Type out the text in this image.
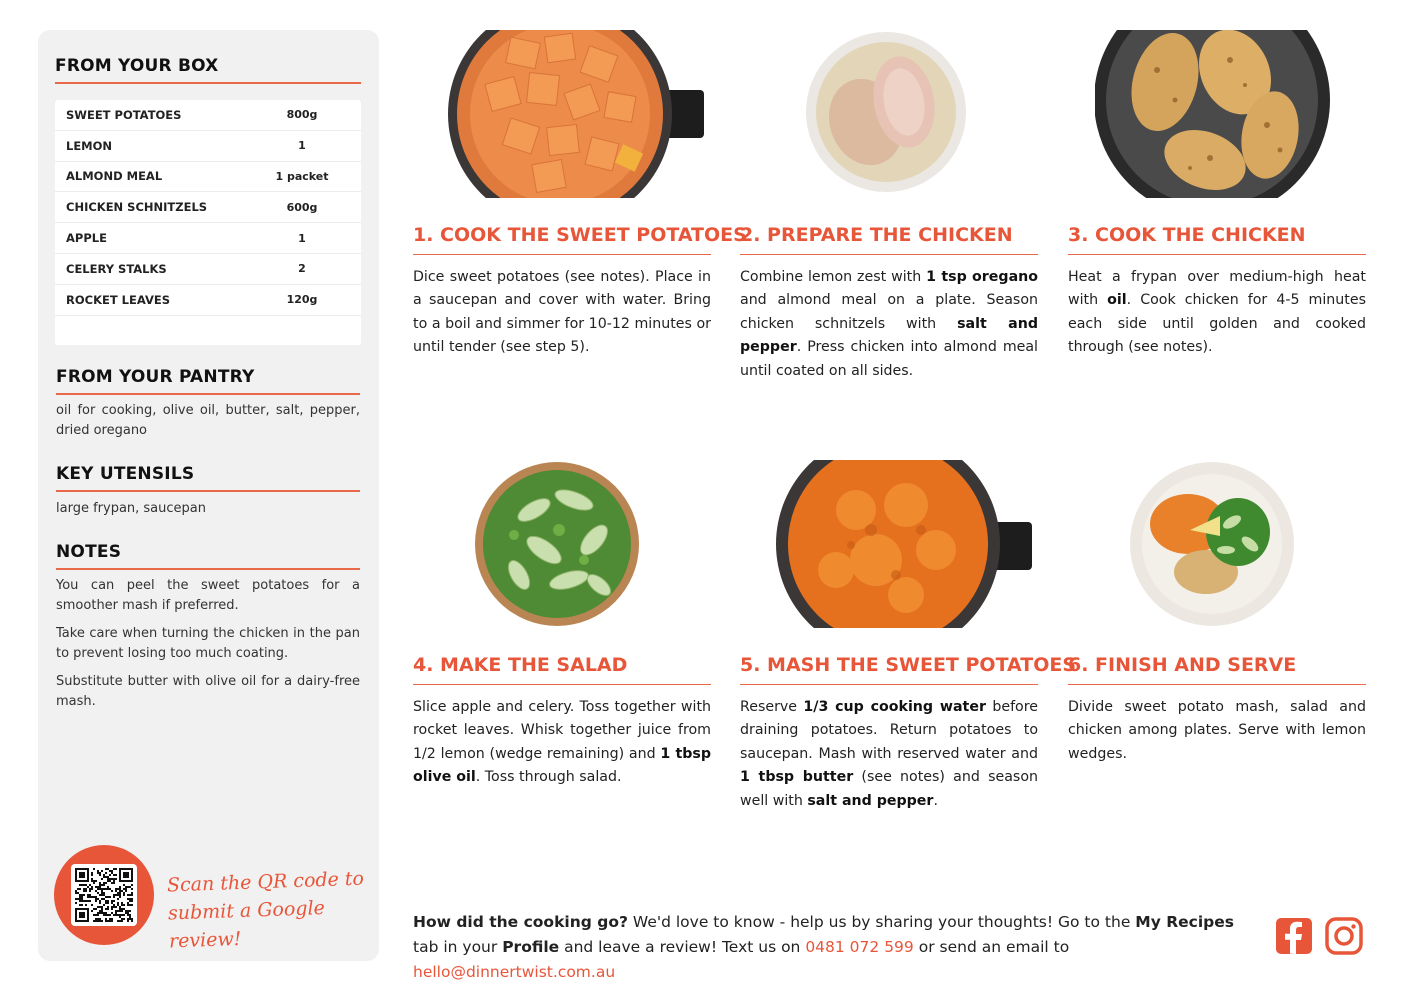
FROM YOUR BOX
SWEET POTATOES	800g
LEMON	1
ALMOND MEAL	1 packet
CHICKEN SCHNITZELS	600g
APPLE	1
CELERY STALKS	2
ROCKET LEAVES	120g
FROM YOUR PANTRY
oil for cooking, olive oil, butter, salt, pepper, dried oregano
KEY UTENSILS
large frypan, saucepan
NOTES

You can peel the sweet potatoes for a smoother mash if preferred.

Take care when turning the chicken in the pan to prevent losing too much coating.

Substitute butter with olive oil for a dairy-free mash.

Scan the QR code to
submit a Google review!
1. COOK THE SWEET POTATOES
Dice sweet potatoes (see notes). Place in a saucepan and cover with water. Bring to a boil and simmer for 10-12 minutes or until tender (see step 5).
2. PREPARE THE CHICKEN
Combine lemon zest with 1 tsp oregano and almond meal on a plate. Season chicken schnitzels with salt and pepper. Press chicken into almond meal until coated on all sides.
3. COOK THE CHICKEN
Heat a frypan over medium-high heat with oil. Cook chicken for 4-5 minutes each side until golden and cooked through (see notes).
4. MAKE THE SALAD
Slice apple and celery. Toss together with rocket leaves. Whisk together juice from 1/2 lemon (wedge remaining) and 1 tbsp olive oil. Toss through salad.
5. MASH THE SWEET POTATOES
Reserve 1/3 cup cooking water before draining potatoes. Return potatoes to saucepan. Mash with reserved water and 1 tbsp butter (see notes) and season well with salt and pepper.
6. FINISH AND SERVE
Divide sweet potato mash, salad and chicken among plates. Serve with lemon wedges.
How did the cooking go? We'd love to know - help us by sharing your thoughts! Go to the My Recipes tab in your Profile and leave a review! Text us on 0481 072 599 or send an email to hello@dinnertwist.com.au
